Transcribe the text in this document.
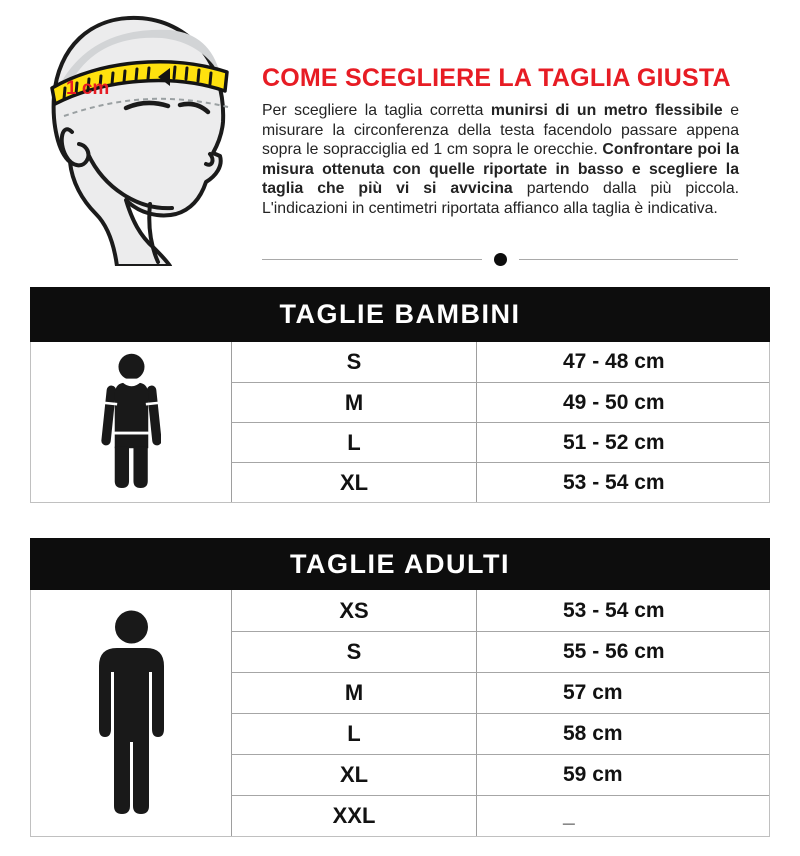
1 cm	COME SCEGLIERE LA TAGLIA GIUSTA

Per scegliere la taglia corretta munirsi di un metro flessibile e misurare la circonferenza della testa facendolo passare appena sopra le sopracciglia ed 1 cm sopra le orecchie. Confrontare poi la misura ottenuta con quelle riportate in basso e scegliere la taglia che più vi si avvicina partendo dalla più piccola. L'indicazioni in centimetri riportata affianco alla taglia è indicativa.

TAGLIE BAMBINI
S	47 - 48 cm
M	49 - 50 cm
L	51 - 52 cm
XL	53 - 54 cm
TAGLIE ADULTI
XS	53 - 54 cm
S	55 - 56 cm
M	57 cm
L	58 cm
XL	59 cm
XXL	_
